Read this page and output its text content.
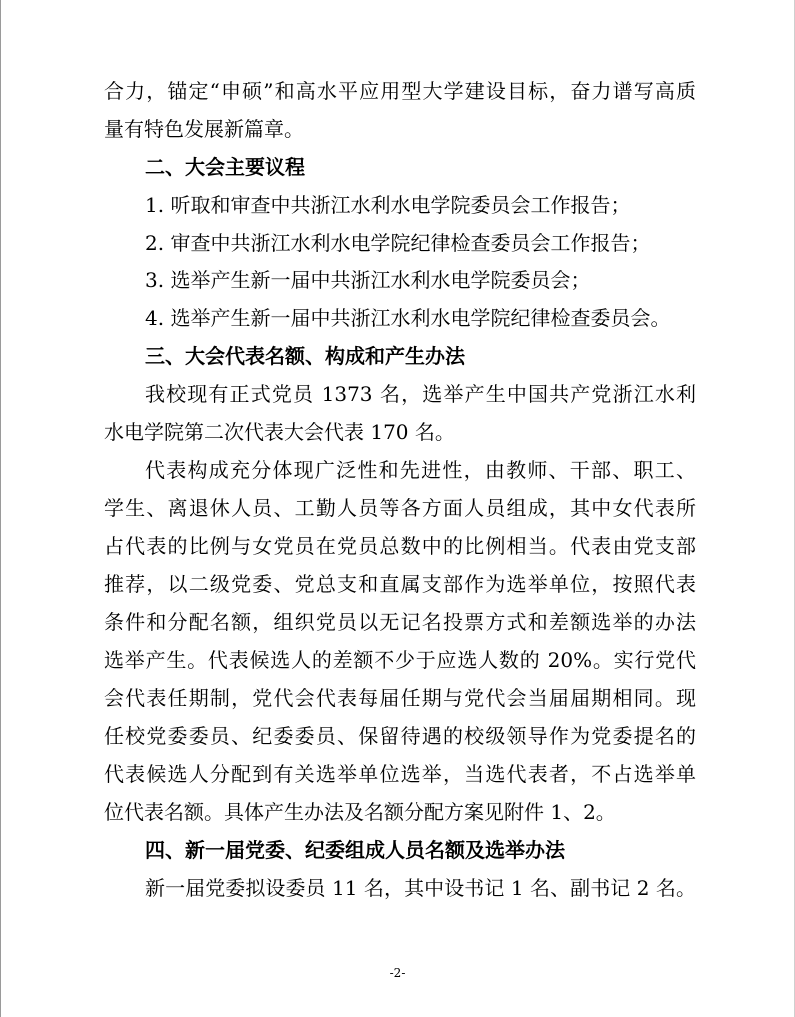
合力，锚定“申硕”和高水平应用型大学建设目标，奋力谱写高质
量有特色发展新篇章。
二、大会主要议程
1. 听取和审查中共浙江水利水电学院委员会工作报告；
2. 审查中共浙江水利水电学院纪律检查委员会工作报告；
3. 选举产生新一届中共浙江水利水电学院委员会；
4. 选举产生新一届中共浙江水利水电学院纪律检查委员会。
三、大会代表名额、构成和产生办法
我校现有正式党员 1373 名，选举产生中国共产党浙江水利
水电学院第二次代表大会代表 170 名。
代表构成充分体现广泛性和先进性，由教师、干部、职工、
学生、离退休人员、工勤人员等各方面人员组成，其中女代表所
占代表的比例与女党员在党员总数中的比例相当。代表由党支部
推荐，以二级党委、党总支和直属支部作为选举单位，按照代表
条件和分配名额，组织党员以无记名投票方式和差额选举的办法
选举产生。代表候选人的差额不少于应选人数的 20%。实行党代
会代表任期制，党代会代表每届任期与党代会当届届期相同。现
任校党委委员、纪委委员、保留待遇的校级领导作为党委提名的
代表候选人分配到有关选举单位选举，当选代表者，不占选举单
位代表名额。具体产生办法及名额分配方案见附件 1、2。
四、新一届党委、纪委组成人员名额及选举办法
新一届党委拟设委员 11 名，其中设书记 1 名、副书记 2 名。
-2-
